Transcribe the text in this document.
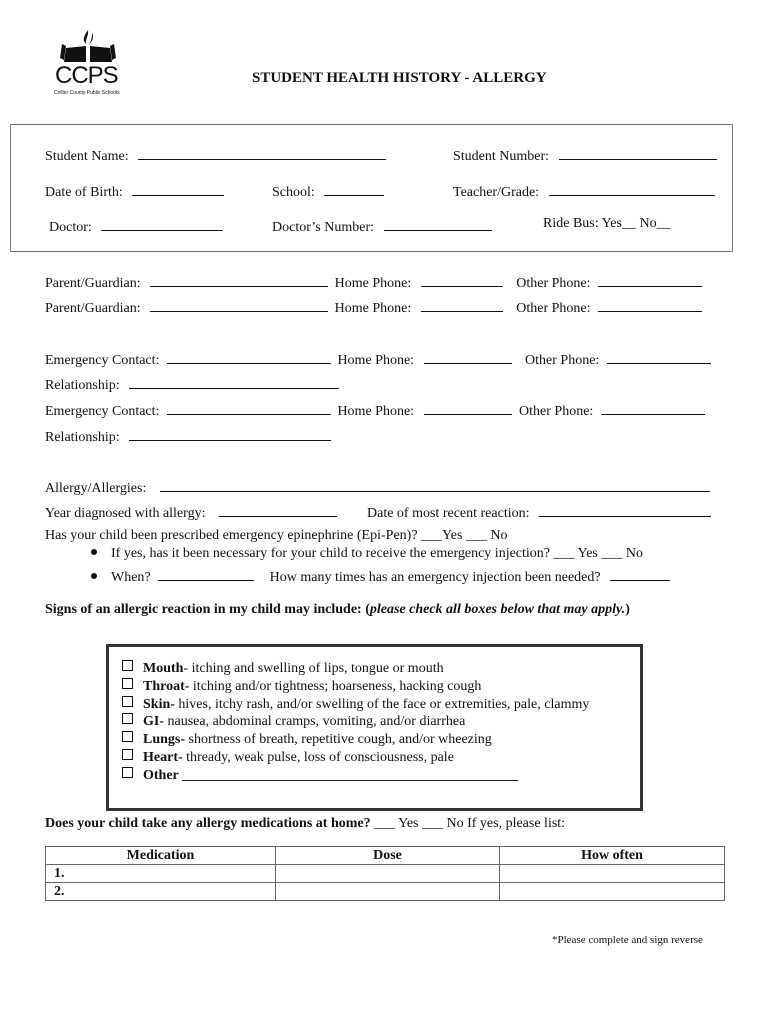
CCPS
Collier County Public Schools
STUDENT HEALTH HISTORY - ALLERGY
Student Name:	Student Number:
Date of Birth:	School:	Teacher/Grade:
Doctor:	Doctor’s Number:	Ride Bus: Yes__ No__
Parent/Guardian:	Home Phone:	Other Phone:
Parent/Guardian:	Home Phone:	Other Phone:
Emergency Contact:	Home Phone:	Other Phone:
Relationship:
Emergency Contact:	Home Phone:	Other Phone:
Relationship:
Allergy/Allergies:
Year diagnosed with allergy:	Date of most recent reaction:
Has your child been prescribed emergency epinephrine (Epi-Pen)? ___Yes ___ No
If yes, has it been necessary for your child to receive the emergency injection? ___ Yes ___ No
When?	How many times has an emergency injection been needed?
Signs of an allergic reaction in my child may include: (please check all boxes below that may apply.)
Mouth- itching and swelling of lips, tongue or mouth
Throat- itching and/or tightness; hoarseness, hacking cough
Skin- hives, itchy rash, and/or swelling of the face or extremities, pale, clammy
GI- nausea, abdominal cramps, vomiting, and/or diarrhea
Lungs- shortness of breath, repetitive cough, and/or wheezing
Heart- thready, weak pulse, loss of consciousness, pale
Other ________________________________________________
Does your child take any allergy medications at home? ___ Yes ___ No If yes, please list:
Medication	Dose	How often
1.		
2.		
*Please complete and sign reverse
